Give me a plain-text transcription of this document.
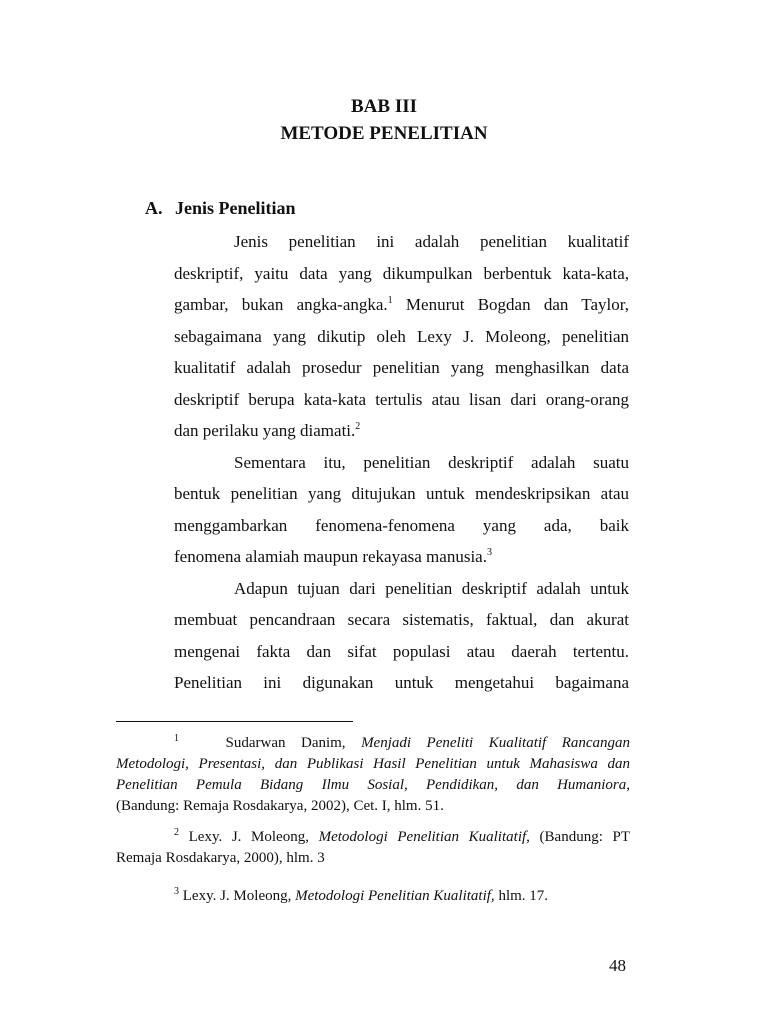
BAB III
METODE PENELITIAN
A. Jenis Penelitian
Jenis penelitian ini adalah penelitian kualitatif
deskriptif, yaitu data yang dikumpulkan berbentuk kata-kata,
gambar, bukan angka-angka.$^1$ Menurut Bogdan dan Taylor,
sebagaimana yang dikutip oleh Lexy J. Moleong, penelitian
kualitatif adalah prosedur penelitian yang menghasilkan data
deskriptif berupa kata-kata tertulis atau lisan dari orang-orang
dan perilaku yang diamati.$^2$
Sementara itu, penelitian deskriptif adalah suatu
bentuk penelitian yang ditujukan untuk mendeskripsikan atau
menggambarkan fenomena-fenomena yang ada, baik
fenomena alamiah maupun rekayasa manusia.$^3$
Adapun tujuan dari penelitian deskriptif adalah untuk
membuat pencandraan secara sistematis, faktual, dan akurat
mengenai fakta dan sifat populasi atau daerah tertentu.
Penelitian ini digunakan untuk mengetahui bagaimana
$^1$	Sudarwan Danim, Menjadi Peneliti Kualitatif Rancangan
Metodologi, Presentasi, dan Publikasi Hasil Penelitian untuk Mahasiswa dan
Penelitian Pemula Bidang Ilmu Sosial, Pendidikan, dan Humaniora,
(Bandung: Remaja Rosdakarya, 2002), Cet. I, hlm. 51.
$^2$ Lexy. J. Moleong, Metodologi Penelitian Kualitatif, (Bandung: PT
Remaja Rosdakarya, 2000), hlm. 3
$^3$ Lexy. J. Moleong, Metodologi Penelitian Kualitatif, hlm. 17.
48
